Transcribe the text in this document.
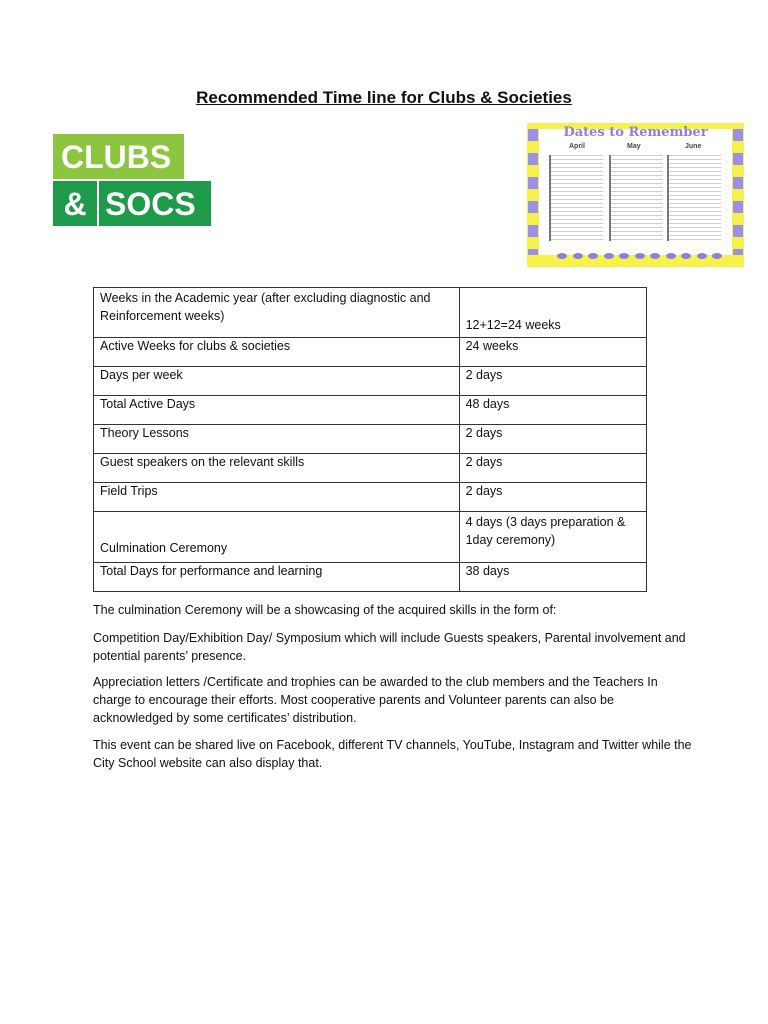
Recommended Time line for Clubs & Societies
CLUBS
& SOCS
Dates to Remember
April	May	June
Weeks in the Academic year (after excluding diagnostic and Reinforcement weeks)	12+12=24 weeks
Active Weeks for clubs & societies	24 weeks
Days per week	2 days
Total Active Days	48 days
Theory Lessons	2 days
Guest speakers on the relevant skills	2 days
Field Trips	2 days
Culmination Ceremony	4 days (3 days preparation & 1day ceremony)
Total Days for performance and learning	38 days
The culmination Ceremony will be a showcasing of the acquired skills in the form of:
Competition Day/Exhibition Day/ Symposium which will include Guests speakers, Parental involvement and potential parents’ presence.
Appreciation letters /Certificate and trophies can be awarded to the club members and the Teachers In charge to encourage their efforts. Most cooperative parents and Volunteer parents can also be acknowledged by some certificates’ distribution.
This event can be shared live on Facebook, different TV channels, YouTube, Instagram and Twitter while the City School website can also display that.
